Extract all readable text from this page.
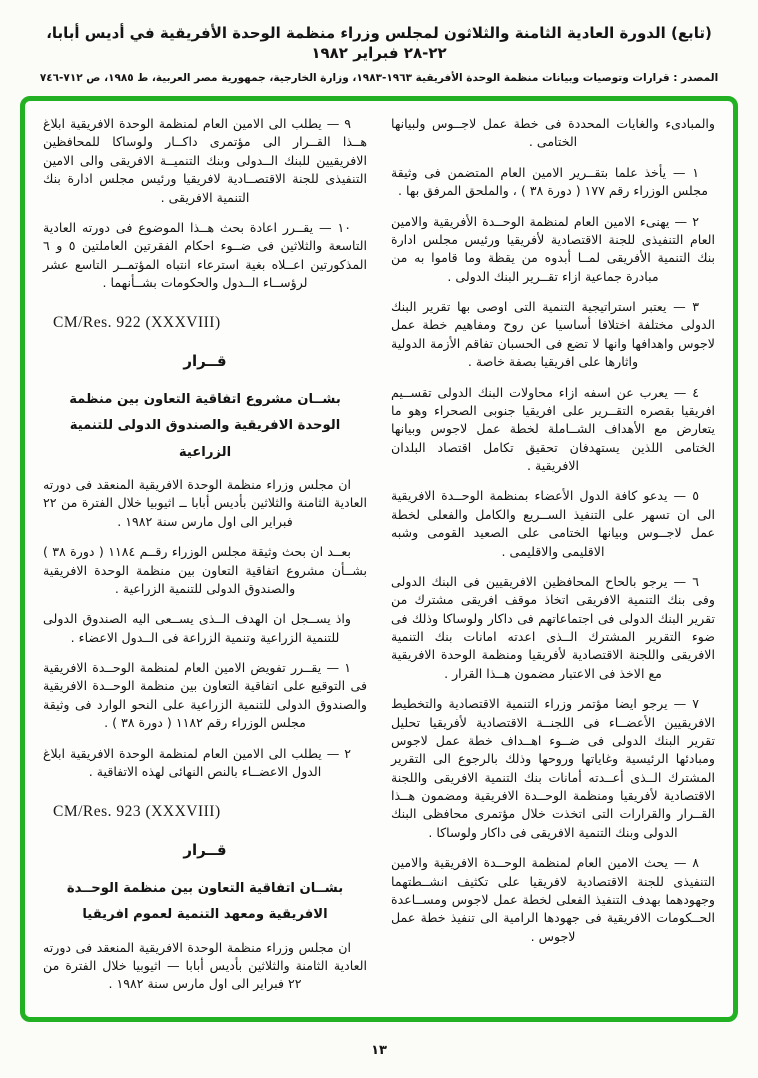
(تابع) الدورة العادية الثامنة والثلاثون لمجلس وزراء منظمة الوحدة الأفريقية في أديس أبابا، ٢٢-٢٨ فبراير ١٩٨٢
المصدر : قرارات وتوصيات وبيانات منظمة الوحدة الأفريقية ١٩٦٣-١٩٨٣، وزارة الخارجية، جمهورية مصر العربية، ط ١٩٨٥، ص ٧١٢-٧٤٦

والمبادىء والغايات المحددة فى خطة عمل لاجــوس ولبيانها الختامى .

١ — يأخذ علما بتقــرير الامين العام المتضمن فى وثيقة مجلس الوزراء رقم ١٧٧ ( دورة ٣٨ ) ، والملحق المرفق بها .

٢ — يهنىء الامين العام لمنظمة الوحــدة الأفريقية والامين العام التنفيذى للجنة الاقتصادية لأفريقيا ورئيس مجلس ادارة بنك التنمية الأفريقى لمــا أبدوه من يقظة وما قاموا به من مبادرة جماعية ازاء تقــرير البنك الدولى .

٣ — يعتبر استراتيجية التنمية التى اوصى بها تقرير البنك الدولى مختلفة اختلافا أساسيا عن روح ومفاهيم خطة عمل لاجوس واهدافها وانها لا تضع فى الحسبان تفاقم الأزمة الدولية واثارها على افريقيا بصفة خاصة .

٤ — يعرب عن اسفه ازاء محاولات البنك الدولى تقســيم افريقيا بقصره التقــرير على افريقيا جنوبى الصحراء وهو ما يتعارض مع الأهداف الشــاملة لخطة عمل لاجوس وبيانها الختامى اللذين يستهدفان تحقيق تكامل اقتصاد البلدان الافريقية .

٥ — يدعو كافة الدول الأعضاء بمنظمة الوحــدة الافريقية الى ان تسهر على التنفيذ الســريع والكامل والفعلى لخطة عمل لاجــوس وبيانها الختامى على الصعيد القومى وشبه الاقليمى والاقليمى .

٦ — يرجو بالحاح المحافظين الافريقيين فى البنك الدولى وفى بنك التنمية الافريقى اتخاذ موقف افريقى مشترك من تقرير البنك الدولى فى اجتماعاتهم فى داكار ولوساكا وذلك فى ضوء التقرير المشترك الــذى اعدته امانات بنك التنمية الافريقى واللجنة الاقتصادية لأفريقيا ومنظمة الوحدة الافريقية مع الاخذ فى الاعتبار مضمون هــذا القرار .

٧ — يرجو ايضا مؤتمر وزراء التنمية الاقتصادية والتخطيط الافريقيين الأعضــاء فى اللجنــة الاقتصادية لأفريقيا تحليل تقرير البنك الدولى فى ضــوء اهــداف خطة عمل لاجوس ومبادئها الرئيسية وغاياتها وروحها وذلك بالرجوع الى التقرير المشترك الــذى أعــدته أمانات بنك التنمية الافريقى واللجنة الاقتصادية لأفريقيا ومنظمة الوحــدة الافريقية ومضمون هــذا القــرار والقرارات التى اتخذت خلال مؤتمرى محافظى البنك الدولى وبنك التنمية الافريقى فى داكار ولوساكا .

٨ — يحث الامين العام لمنظمة الوحــدة الافريقية والامين التنفيذى للجنة الاقتصادية لافريقيا على تكثيف انشــطتهما وجهودهما بهدف التنفيذ الفعلى لخطة عمل لاجوس ومســاعدة الحــكومات الافريقية فى جهودها الرامية الى تنفيذ خطة عمل لاجوس .

٩ — يطلب الى الامين العام لمنظمة الوحدة الافريقية ابلاغ هــذا القــرار الى مؤتمرى داكــار ولوساكا للمحافظين الافريقيين للبنك الــدولى وبنك التنميــة الافريقى والى الامين التنفيذى للجنة الاقتصــادية لافريقيا ورئيس مجلس ادارة بنك التنمية الافريقى .

١٠ — يقــرر اعادة بحث هــذا الموضوع فى دورته العادية التاسعة والثلاثين فى ضــوء احكام الفقرتين العاملتين ٥ و ٦ المذكورتين اعــلاه بغية استرعاء انتباه المؤتمــر التاسع عشر لرؤســاء الــدول والحكومات بشــأنهما .

CM/Res. 922 (XXXVIII)
قــرار
بشــان مشروع اتفاقية التعاون بين منظمة الوحدة الافريقية والصندوق الدولى للتنمية الزراعية

ان مجلس وزراء منظمة الوحدة الافريقية المنعقد فى دورته العادية الثامنة والثلاثين بأديس أبابا ــ اثيوبيا خلال الفترة من ٢٢ فبراير الى اول مارس سنة ١٩٨٢ .

بعــد ان بحث وثيقة مجلس الوزراء رقــم ١١٨٤ ( دورة ٣٨ ) بشــأن مشروع اتفاقية التعاون بين منظمة الوحدة الافريقية والصندوق الدولى للتنمية الزراعية .

واذ يســجل ان الهدف الــذى يســعى اليه الصندوق الدولى للتنمية الزراعية وتنمية الزراعة فى الــدول الاعضاء .

١ — يقــرر تفويض الامين العام لمنظمة الوحــدة الافريقية فى التوقيع على اتفاقية التعاون بين منظمة الوحــدة الافريقية والصندوق الدولى للتنمية الزراعية على النحو الوارد فى وثيقة مجلس الوزراء رقم ١١٨٢ ( دورة ٣٨ ) .

٢ — يطلب الى الامين العام لمنظمة الوحدة الافريقية ابلاغ الدول الاعضــاء بالنص النهائى لهذه الاتفاقية .

CM/Res. 923 (XXXVIII)
قــرار
بشــان اتفاقية التعاون بين منظمة الوحــدة الافريقية ومعهد التنمية لعموم افريقيا

ان مجلس وزراء منظمة الوحدة الافريقية المنعقد فى دورته العادية الثامنة والثلاثين بأديس أبابا — اثيوبيا خلال الفترة من ٢٢ فبراير الى اول مارس سنة ١٩٨٢ .

١٣
